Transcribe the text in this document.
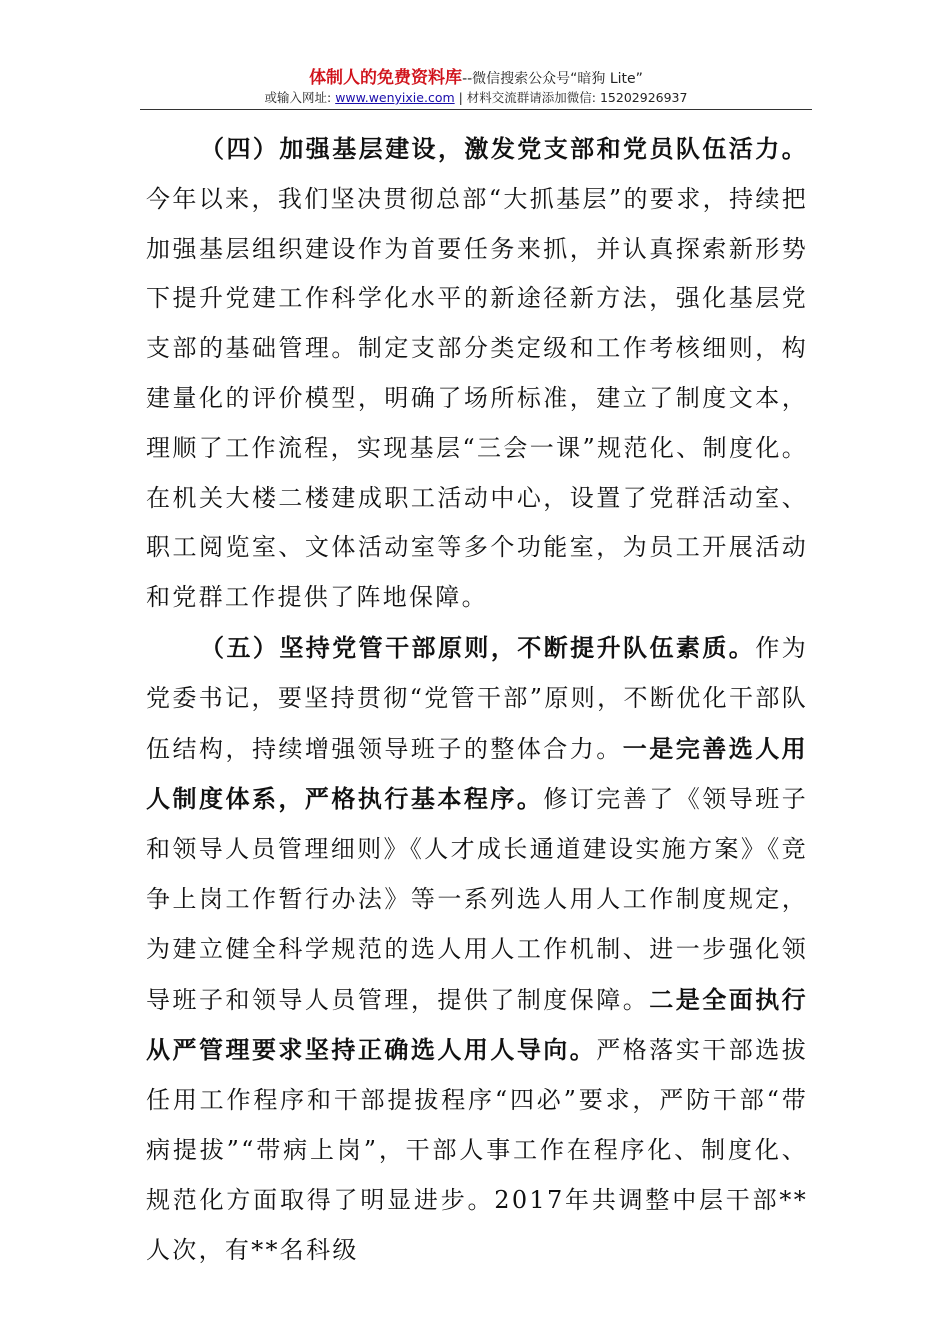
体制人的免费资料库--微信搜索公众号“暗狗 Lite”
或输入网址: www.wenyixie.com | 材料交流群请添加微信: 15202926937

（四）加强基层建设，激发党支部和党员队伍活力。今年以来，我们坚决贯彻总部“大抓基层”的要求，持续把加强基层组织建设作为首要任务来抓，并认真探索新形势下提升党建工作科学化水平的新途径新方法，强化基层党支部的基础管理。制定支部分类定级和工作考核细则，构建量化的评价模型，明确了场所标准，建立了制度文本，理顺了工作流程，实现基层“三会一课”规范化、制度化。在机关大楼二楼建成职工活动中心，设置了党群活动室、职工阅览室、文体活动室等多个功能室，为员工开展活动和党群工作提供了阵地保障。

（五）坚持党管干部原则，不断提升队伍素质。作为党委书记，要坚持贯彻“党管干部”原则，不断优化干部队伍结构，持续增强领导班子的整体合力。一是完善选人用人制度体系，严格执行基本程序。修订完善了《领导班子和领导人员管理细则》《人才成长通道建设实施方案》《竞争上岗工作暂行办法》等一系列选人用人工作制度规定，为建立健全科学规范的选人用人工作机制、进一步强化领导班子和领导人员管理，提供了制度保障。二是全面执行从严管理要求坚持正确选人用人导向。严格落实干部选拔任用工作程序和干部提拔程序“四必”要求，严防干部“带病提拔”“带病上岗”，干部人事工作在程序化、制度化、规范化方面取得了明显进步。2017年共调整中层干部**人次，有**名科级
